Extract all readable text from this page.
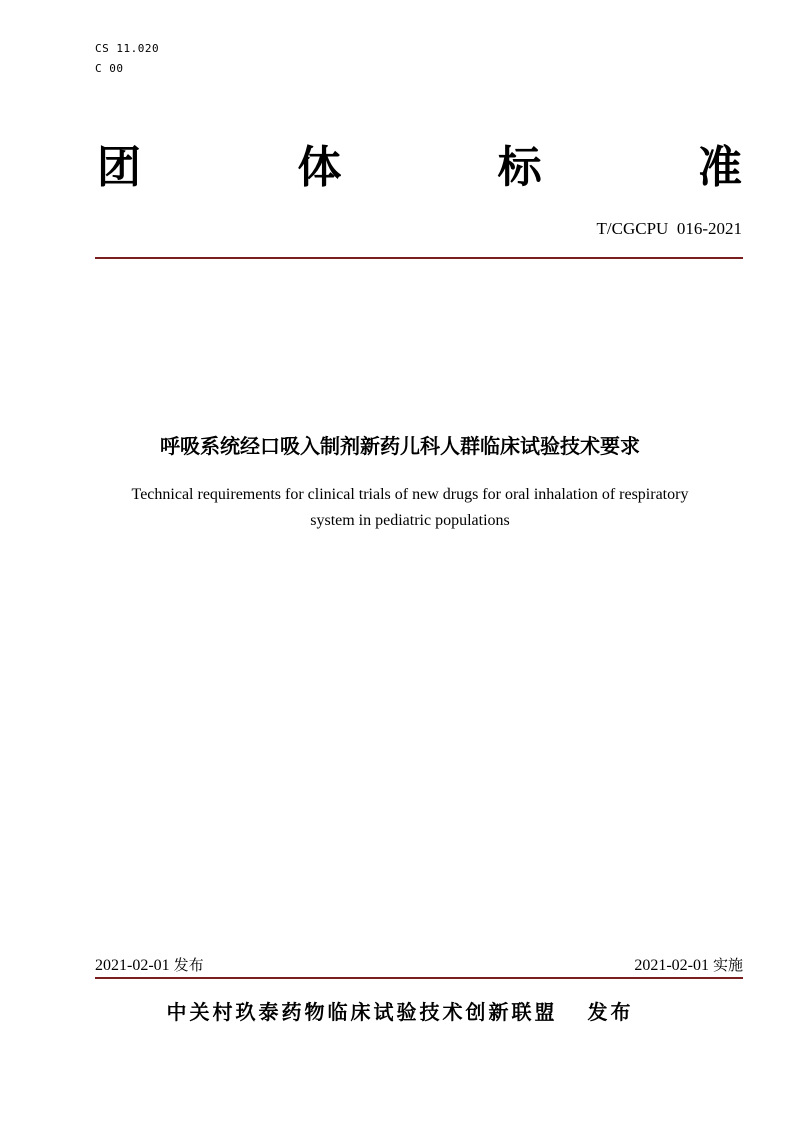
CS 11.020
C 00
团	体	标	准
T/CGCPU  016-2021
呼吸系统经口吸入制剂新药儿科人群临床试验技术要求
Technical requirements for clinical trials of new drugs for oral inhalation of respiratory system in pediatric populations
2021-02-01 发布	2021-02-01 实施
中关村玖泰药物临床试验技术创新联盟 发布
